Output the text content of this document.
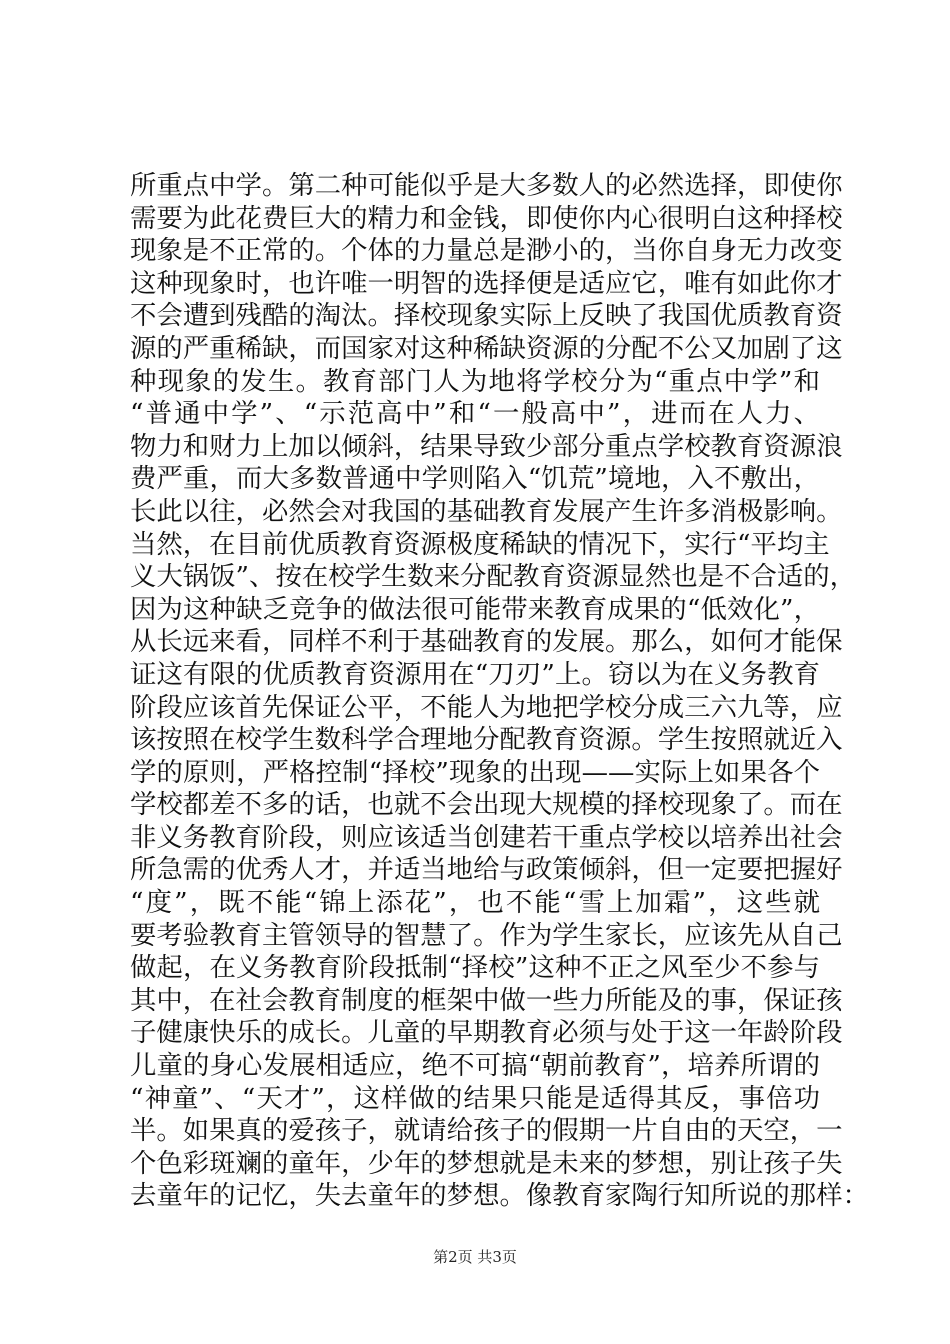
所重点中学。第二种可能似乎是大多数人的必然选择，即使你
需要为此花费巨大的精力和金钱，即使你内心很明白这种择校
现象是不正常的。个体的力量总是渺小的，当你自身无力改变
这种现象时，也许唯一明智的选择便是适应它，唯有如此你才
不会遭到残酷的淘汰。择校现象实际上反映了我国优质教育资
源的严重稀缺，而国家对这种稀缺资源的分配不公又加剧了这
种现象的发生。教育部门人为地将学校分为“重点中学”和
“普通中学”、“示范高中”和“一般高中”，进而在人力、
物力和财力上加以倾斜，结果导致少部分重点学校教育资源浪
费严重，而大多数普通中学则陷入“饥荒”境地，入不敷出，
长此以往，必然会对我国的基础教育发展产生许多消极影响。
当然，在目前优质教育资源极度稀缺的情况下，实行“平均主
义大锅饭”、按在校学生数来分配教育资源显然也是不合适的，
因为这种缺乏竞争的做法很可能带来教育成果的“低效化”，
从长远来看，同样不利于基础教育的发展。那么，如何才能保
证这有限的优质教育资源用在“刀刃”上。窃以为在义务教育
阶段应该首先保证公平，不能人为地把学校分成三六九等，应
该按照在校学生数科学合理地分配教育资源。学生按照就近入
学的原则，严格控制“择校”现象的出现——实际上如果各个
学校都差不多的话，也就不会出现大规模的择校现象了。而在
非义务教育阶段，则应该适当创建若干重点学校以培养出社会
所急需的优秀人才，并适当地给与政策倾斜，但一定要把握好
“度”，既不能“锦上添花”，也不能“雪上加霜”，这些就
要考验教育主管领导的智慧了。作为学生家长，应该先从自己
做起，在义务教育阶段抵制“择校”这种不正之风至少不参与
其中，在社会教育制度的框架中做一些力所能及的事，保证孩
子健康快乐的成长。儿童的早期教育必须与处于这一年龄阶段
儿童的身心发展相适应，绝不可搞“朝前教育”，培养所谓的
“神童”、“天才”，这样做的结果只能是适得其反，事倍功
半。如果真的爱孩子，就请给孩子的假期一片自由的天空，一
个色彩斑斓的童年，少年的梦想就是未来的梦想，别让孩子失
去童年的记忆，失去童年的梦想。像教育家陶行知所说的那样：
第2页 共3页
